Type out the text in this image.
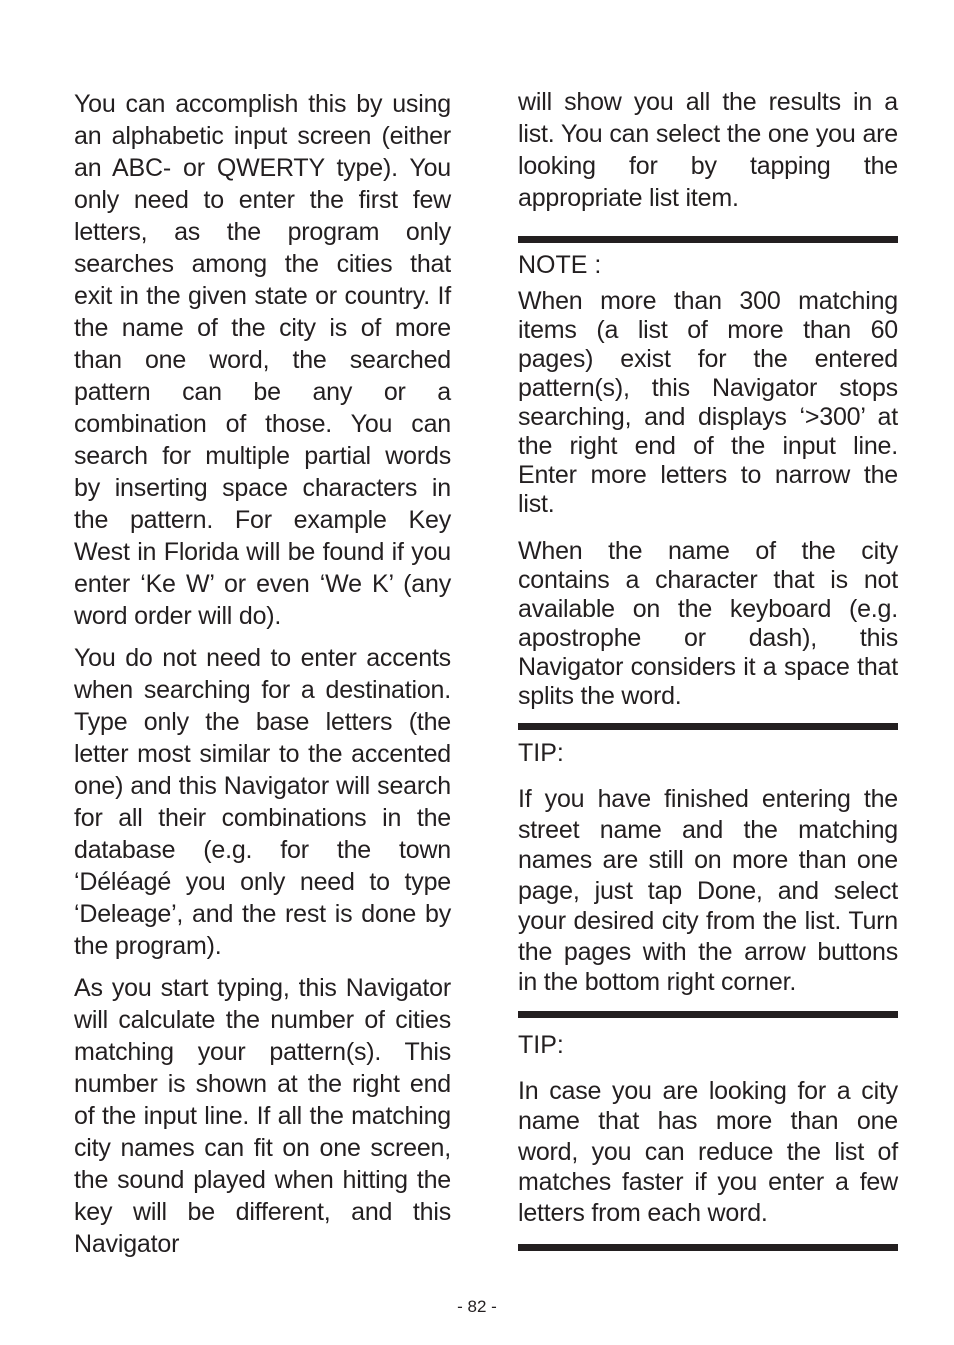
You can accomplish this by using an alphabetic input screen (either an ABC- or QWERTY type). You only need to enter the first few letters, as the program only searches among the cities that exit in the given state or country. If the name of the city is of more than one word, the searched pattern can be any or a combination of those. You can search for multiple partial words by inserting space characters in the pattern. For example Key West in Florida will be found if you enter ‘Ke W’ or even ‘We K’ (any word order will do).

You do not need to enter accents when searching for a destination. Type only the base letters (the letter most similar to the accented one) and this Navigator will search for all their combinations in the database (e.g. for the town ‘Déléagé you only need to type ‘Deleage’, and the rest is done by the program).

As you start typing, this Navigator will calculate the number of cities matching your pattern(s). This number is shown at the right end of the input line. If all the matching city names can fit on one screen, the sound played when hitting the key will be different, and this Navigator

will show you all the results in a list. You can select the one you are looking for by tapping the appropriate list item.

NOTE :

When more than 300 matching items (a list of more than 60 pages) exist for the entered pattern(s), this Navigator stops searching, and displays ‘>300’ at the right end of the input line. Enter more letters to narrow the list.

When the name of the city contains a character that is not available on the keyboard (e.g. apostrophe or dash), this Navigator considers it a space that splits the word.

TIP:

If you have finished entering the street name and the matching names are still on more than one page, just tap Done, and select your desired city from the list. Turn the pages with the arrow buttons in the bottom right corner.

TIP:

In case you are looking for a city name that has more than one word, you can reduce the list of matches faster if you enter a few letters from each word.

- 82 -
